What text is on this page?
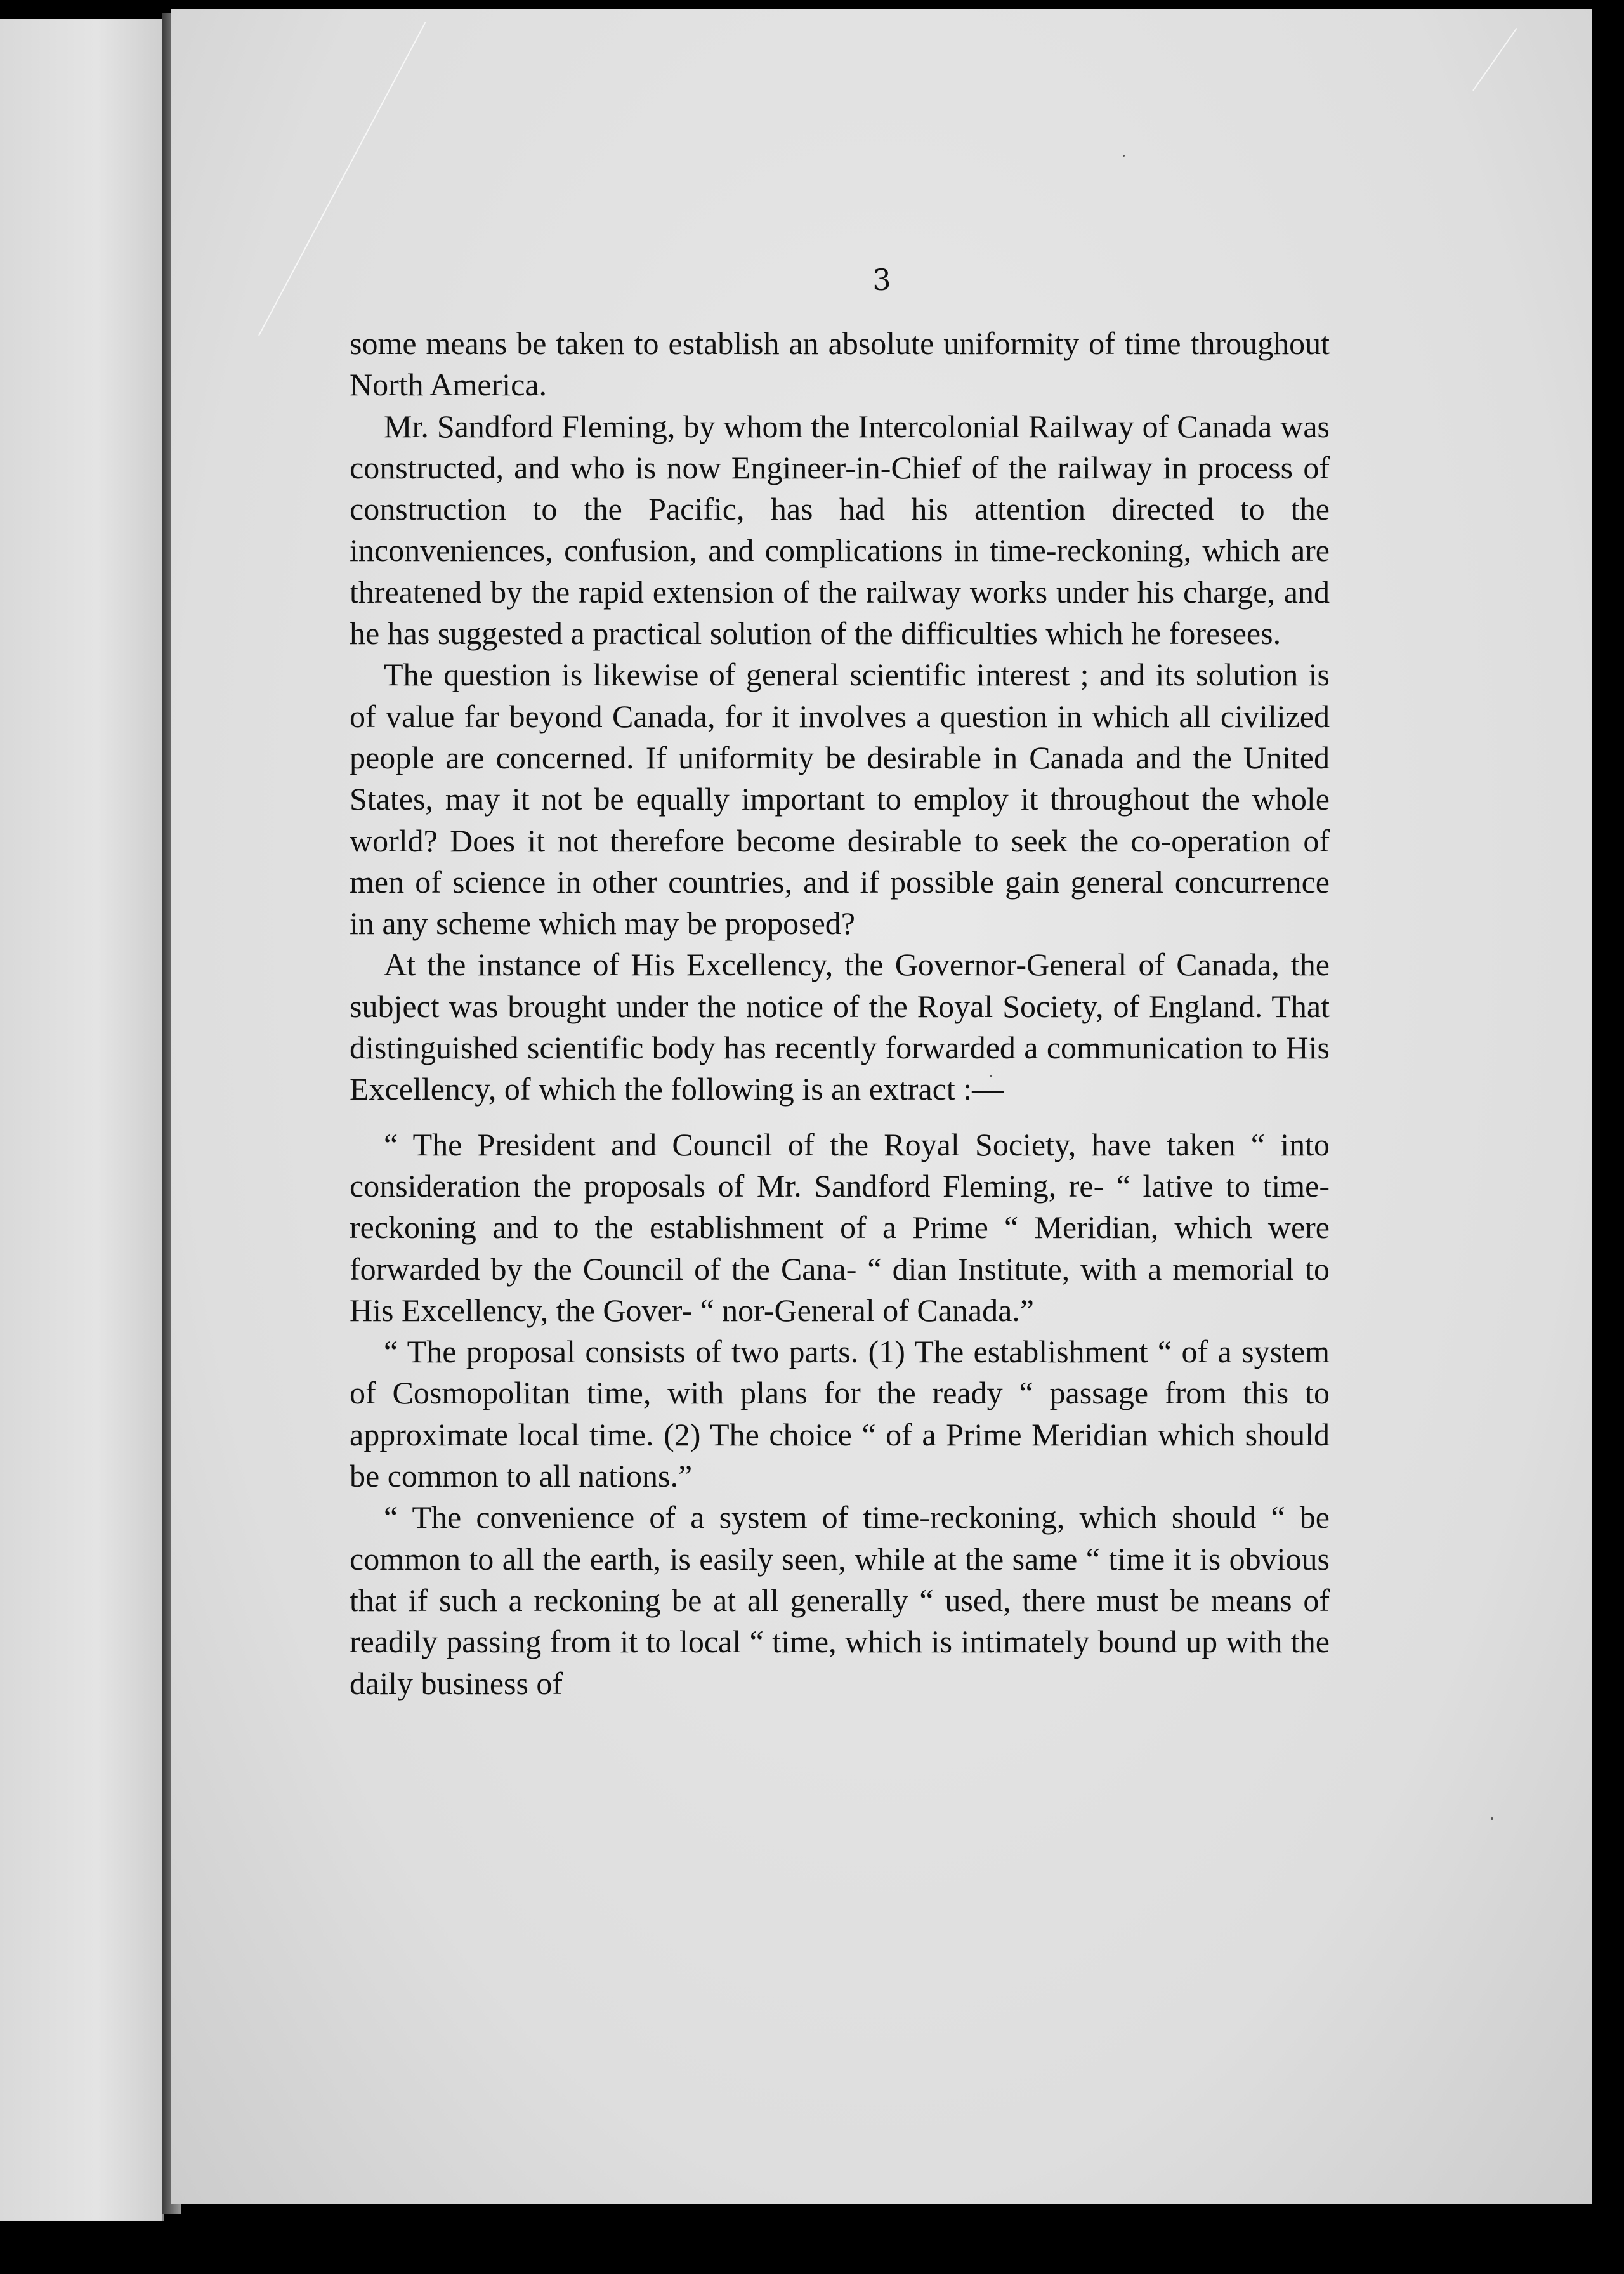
3

some means be taken to establish an absolute uniformity of time throughout North America.

Mr. Sandford Fleming, by whom the Intercolonial Railway of Canada was constructed, and who is now Engineer-in-Chief of the railway in process of construction to the Pacific, has had his attention directed to the inconveniences, confusion, and complications in time-reckoning, which are threatened by the rapid extension of the railway works under his charge, and he has suggested a practical solution of the difficulties which he foresees.

The question is likewise of general scientific interest ; and its solution is of value far beyond Canada, for it involves a question in which all civilized people are concerned. If uniformity be desirable in Canada and the United States, may it not be equally important to employ it throughout the whole world? Does it not therefore become desirable to seek the co-operation of men of science in other countries, and if possible gain general concurrence in any scheme which may be proposed?

At the instance of His Excellency, the Governor-General of Canada, the subject was brought under the notice of the Royal Society, of England. That distinguished scientific body has recently forwarded a communication to His Excellency, of which the following is an extract :—

“ The President and Council of the Royal Society, have taken “ into consideration the proposals of Mr. Sandford Fleming, re- “ lative to time-reckoning and to the establishment of a Prime “ Meridian, which were forwarded by the Council of the Cana- “ dian Institute, with a memorial to His Excellency, the Gover- “ nor-General of Canada.”

“ The proposal consists of two parts. (1) The establishment “ of a system of Cosmopolitan time, with plans for the ready “ passage from this to approximate local time. (2) The choice “ of a Prime Meridian which should be common to all nations.”

“ The convenience of a system of time-reckoning, which should “ be common to all the earth, is easily seen, while at the same “ time it is obvious that if such a reckoning be at all generally “ used, there must be means of readily passing from it to local “ time, which is intimately bound up with the daily business of
